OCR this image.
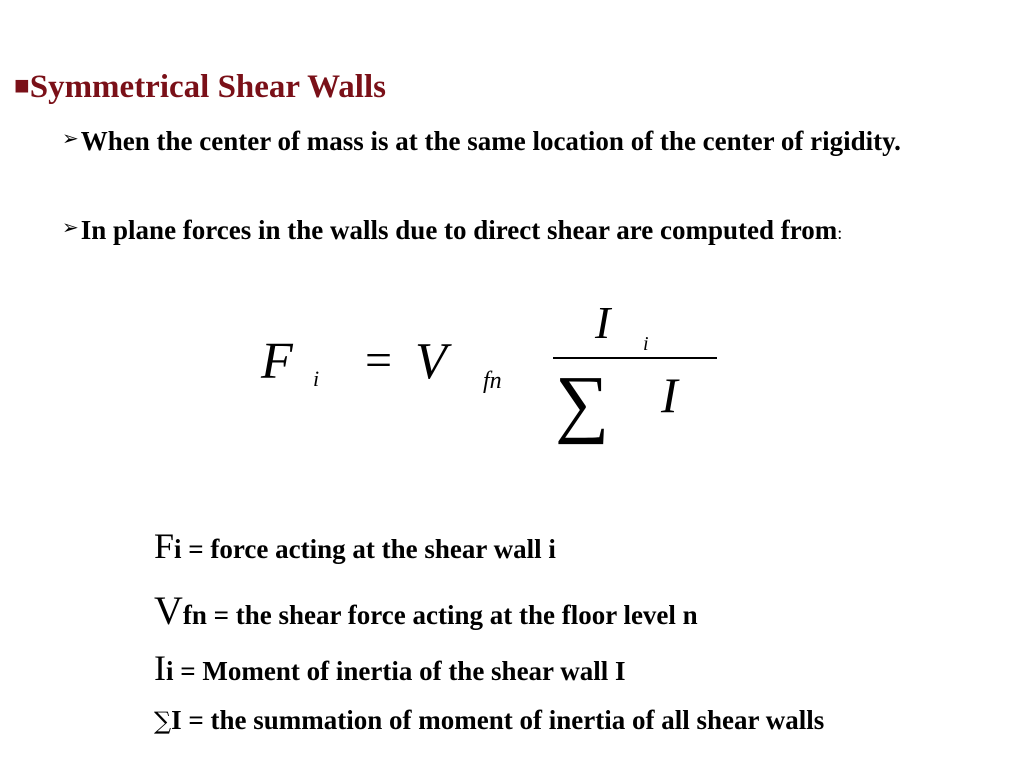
■Symmetrical Shear Walls
➢When the center of mass is at the same location of the center of rigidity.
➢In plane forces in the walls due to direct shear are computed from:
F i = V fn
I i
∑ I
Fi = force acting at the shear wall i
Vfn = the shear force acting at the floor level n
Ii = Moment of inertia of the shear wall I
∑I = the summation of moment of inertia of all shear walls
